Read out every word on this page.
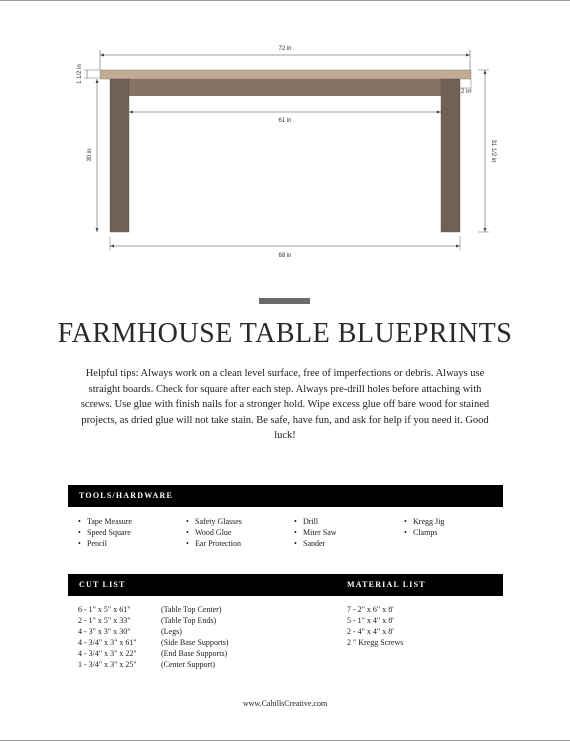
72 in
1 1/2 in
2 in
61 in
30 in	31 1/2 in
68 in
FARMHOUSE TABLE BLUEPRINTS

Helpful tips: Always work on a clean level surface, free of imperfections or debris. Always use straight boards. Check for square after each step. Always pre-drill holes before attaching with screws. Use glue with finish nails for a stronger hold. Wipe excess glue off bare wood for stained projects, as dried glue will not take stain. Be safe, have fun, and ask for help if you need it. Good luck!

TOOLS/HARDWARE
• Tape Measure
• Speed Square
• Pencil
• Safety Glasses
• Wood Glue
• Ear Protection
• Drill
• Miter Saw
• Sander
• Kregg Jig
• Clamps
CUT LIST	MATERIAL LIST
6 - 1" x 5" x 61"	(Table Top Center)
2 - 1" x 5" x 33"	(Table Top Ends)
4 - 3" x 3" x 30"	(Legs)
4 - 3/4" x 3" x 61"	(Side Base Supports)
4 - 3/4" x 3" x 22"	(End Base Supports)
1 - 3/4" x 3" x 25"	(Center Support)
7 - 2" x 6" x 8'
5 - 1" x 4" x 8'
2 - 4" x 4" x 8'
2 " Kregg Screws
www.CahillsCreative.com
